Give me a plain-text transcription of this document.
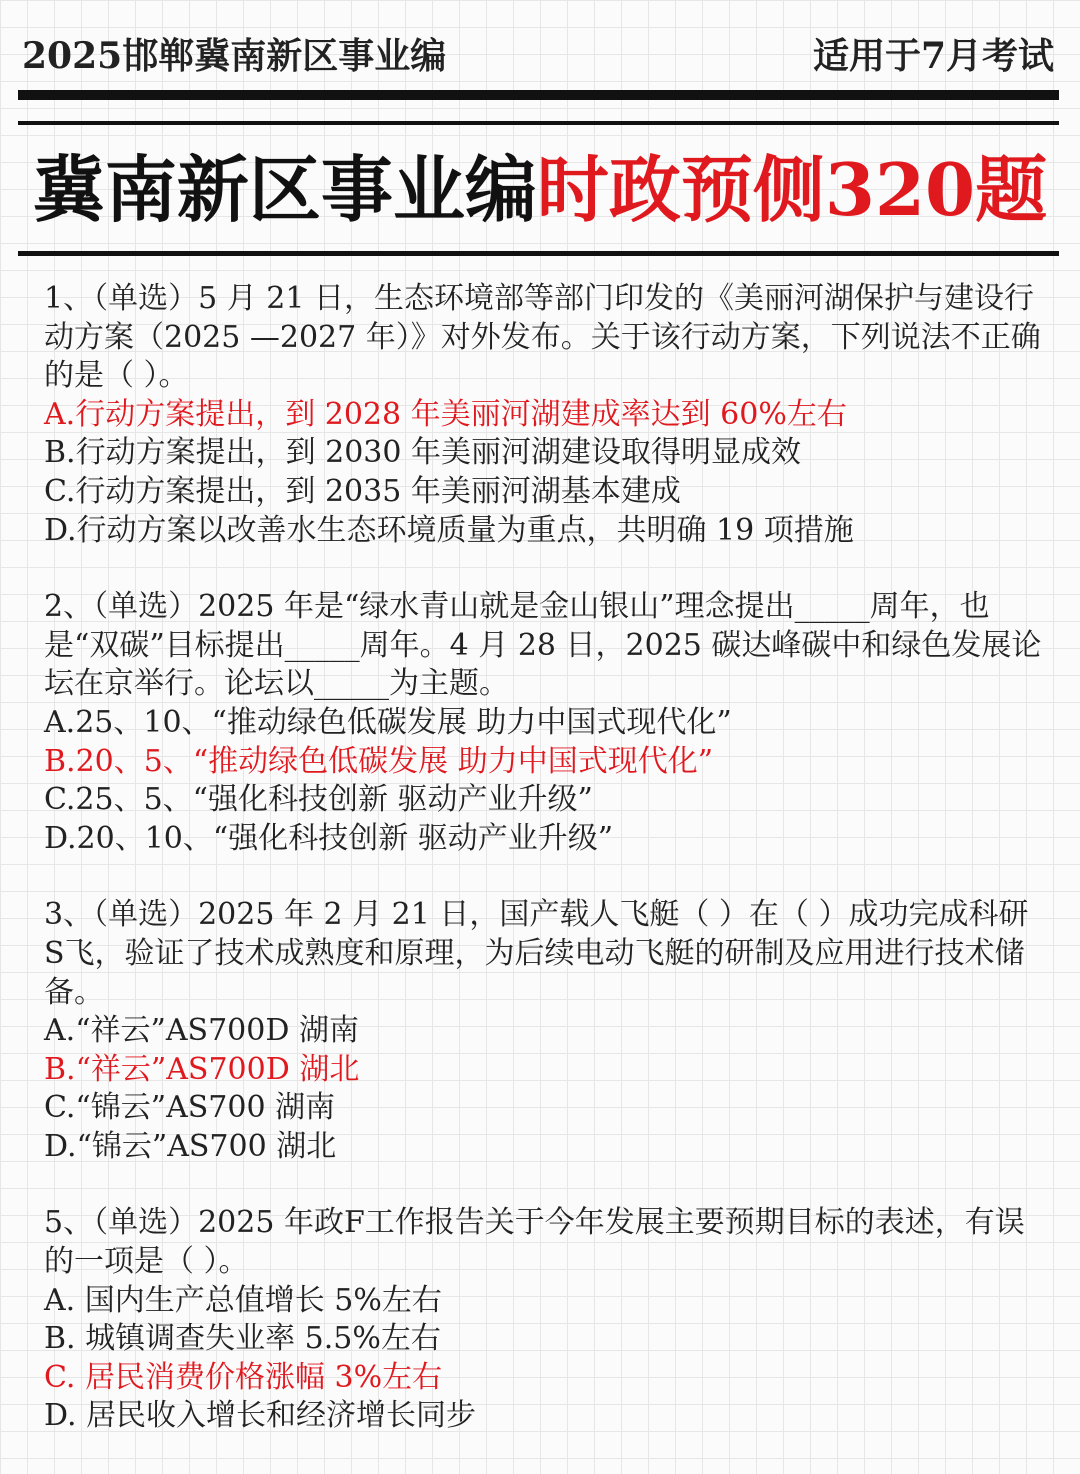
2025邯郸冀南新区事业编	适用于7月考试
冀南新区事业编时政预侧320题

1、（单选）5 月 21 日，生态环境部等部门印发的《美丽河湖保护与建设行动方案（2025 —2027 年）》对外发布。关于该行动方案，下列说法不正确的是（ ）。

A.行动方案提出，到 2028 年美丽河湖建成率达到 60%左右

B.行动方案提出，到 2030 年美丽河湖建设取得明显成效

C.行动方案提出，到 2035 年美丽河湖基本建成

D.行动方案以改善水生态环境质量为重点，共明确 19 项措施

2、（单选）2025 年是“绿水青山就是金山银山”理念提出_____周年，也是“双碳”目标提出_____周年。4 月 28 日，2025 碳达峰碳中和绿色发展论坛在京举行。论坛以_____为主题。

A.25、10、“推动绿色低碳发展 助力中国式现代化”

B.20、5、“推动绿色低碳发展 助力中国式现代化”

C.25、5、“强化科技创新 驱动产业升级”

D.20、10、“强化科技创新 驱动产业升级”

3、（单选）2025 年 2 月 21 日，国产载人飞艇（ ）在（ ）成功完成科研S飞，验证了技术成熟度和原理，为后续电动飞艇的研制及应用进行技术储备。

A.“祥云”AS700D 湖南

B.“祥云”AS700D 湖北

C.“锦云”AS700 湖南

D.“锦云”AS700 湖北

5、（单选）2025 年政F工作报告关于今年发展主要预期目标的表述，有误的一项是（ ）。

A. 国内生产总值增长 5%左右

B. 城镇调查失业率 5.5%左右

C. 居民消费价格涨幅 3%左右

D. 居民收入增长和经济增长同步
